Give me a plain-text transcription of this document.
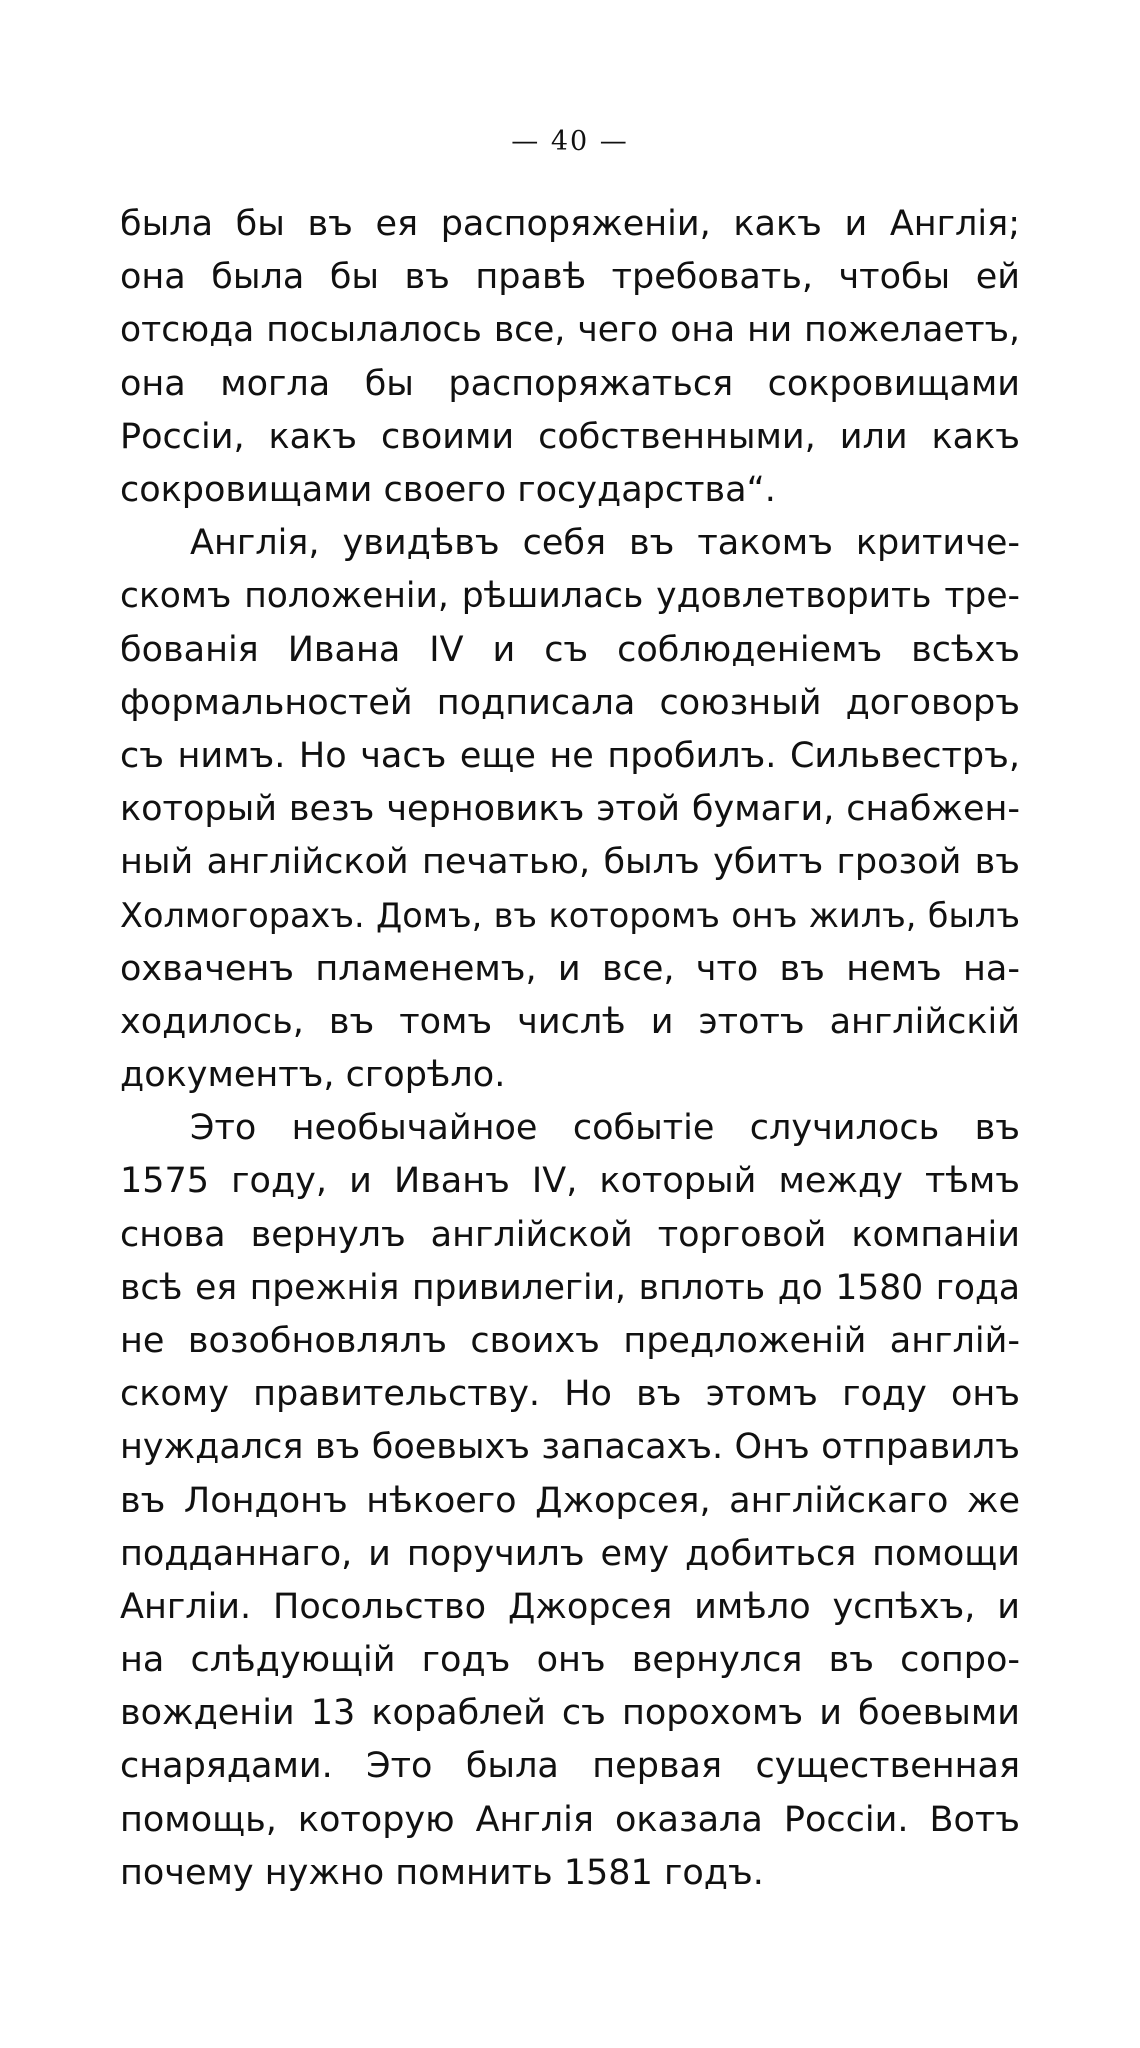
— 40 —
была бы въ ея распоряженіи, какъ и Англія;
она была бы въ правѣ требовать, чтобы ей
отсюда посылалось все, чего она ни пожелаетъ,
она могла бы распоряжаться сокровищами
Россіи, какъ своими собственными, или какъ
сокровищами своего государства“.
Англія, увидѣвъ себя въ такомъ критиче-
скомъ положеніи, рѣшилась удовлетворить тре-
бованія Ивана IV и съ соблюденіемъ всѣхъ
формальностей подписала союзный договоръ
съ нимъ. Но часъ еще не пробилъ. Сильвестръ,
который везъ черновикъ этой бумаги, снабжен-
ный англійской печатью, былъ убитъ грозой въ
Холмогорахъ. Домъ, въ которомъ онъ жилъ, былъ
охваченъ пламенемъ, и все, что въ немъ на-
ходилось, въ томъ числѣ и этотъ англійскій
документъ, сгорѣло.
Это необычайное событіе случилось въ
1575 году, и Иванъ IV, который между тѣмъ
снова вернулъ англійской торговой компаніи
всѣ ея прежнія привилегіи, вплоть до 1580 года
не возобновлялъ своихъ предложеній англій-
скому правительству. Но въ этомъ году онъ
нуждался въ боевыхъ запасахъ. Онъ отправилъ
въ Лондонъ нѣкоего Джорсея, англійскаго же
подданнаго, и поручилъ ему добиться помощи
Англіи. Посольство Джорсея имѣло успѣхъ, и
на слѣдующій годъ онъ вернулся въ сопро-
вожденіи 13 кораблей съ порохомъ и боевыми
снарядами. Это была первая существенная
помощь, которую Англія оказала Россіи. Вотъ
почему нужно помнить 1581 годъ.
